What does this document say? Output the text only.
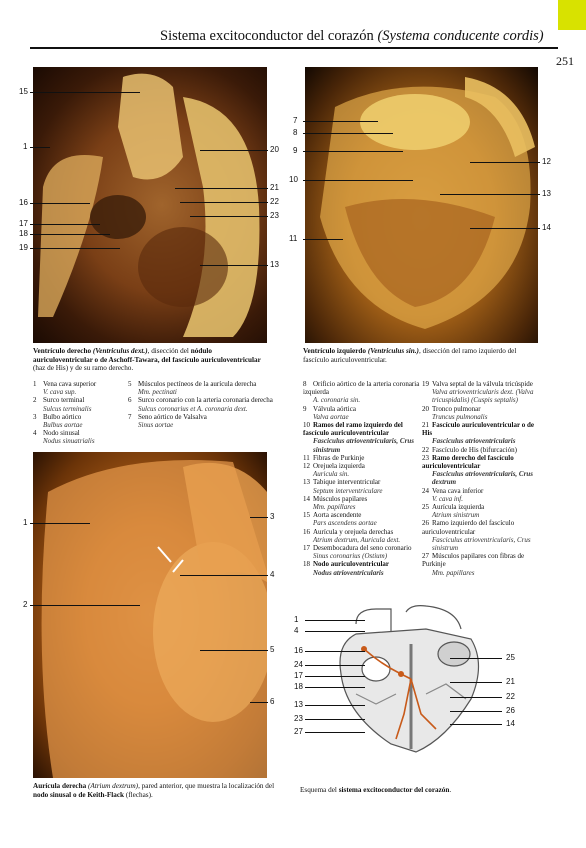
Sistema excitoconductor del corazón (Systema conducente cordis)
251
15
1
16
17
18
19
20
21
22
23
13
7
8
9
10
11
12
13
14
Ventrículo derecho (Ventriculus dext.), disección del nódulo auriculoventricular o de Aschoff-Tawara, del fascículo auriculoventricular (haz de His) y de su ramo derecho.
Ventrículo izquierdo (Ventriculus sin.), disección del ramo izquierdo del fascículo auriculoventricular.
1 Vena cava superior
V. cava sup.
2 Surco terminal
Sulcus terminalis
3 Bulbo aórtico
Bulbus aortae
4 Nodo sinusal
Nodus sinuatrialis
5 Músculos pectíneos de la aurícula derecha
Mm. pectinati
6 Surco coronario con la arteria coronaria derecha
Sulcus coronarius et A. coronaria dext.
7 Seno aórtico de Valsalva
Sinus aortae
8 Orificio aórtico de la arteria coronaria izquierda
A. coronaria sin.
9 Válvula aórtica
Valva aortae
10 Ramos del ramo izquierdo del fascículo auriculoventricular
Fasciculus atrioventricularis, Crus sinistrum
11 Fibras de Purkinje
12 Orejuela izquierda
Auricula sin.
13 Tabique interventricular
Septum interventriculare
14 Músculos papilares
Mm. papillares
15 Aorta ascendente
Pars ascendens aortae
16 Aurícula y orejuela derechas
Atrium dextrum, Auricula dext.
17 Desembocadura del seno coronario
Sinus coronarius (Ostium)
18 Nodo auriculoventricular
Nodus atrioventricularis
19 Valva septal de la válvula tricúspide
Valva atrioventricularis dext. (Valva tricuspidalis) (Cuspis septalis)
20 Tronco pulmonar
Truncus pulmonalis
21 Fascículo auriculoventricular o de His
Fasciculus atrioventricularis
22 Fascículo de His (bifurcación)
23 Ramo derecho del fascículo auriculoventricular
Fasciculus atrioventricularis, Crus dextrum
24 Vena cava inferior
V. cava inf.
25 Aurícula izquierda
Atrium sinistrum
26 Ramo izquierdo del fascículo auriculoventricular
Fasciculus atrioventricularis, Crus sinistrum
27 Músculos papilares con fibras de Purkinje
Mm. papillares
1
2
3
4
5
6
Aurícula derecha (Atrium dextrum), pared anterior, que muestra la localización del nodo sinusal o de Keith-Flack (flechas).
Esquema del sistema excitoconductor del corazón.
1
4
16
24
17
18
13
23
27
25
21
22
26
14
